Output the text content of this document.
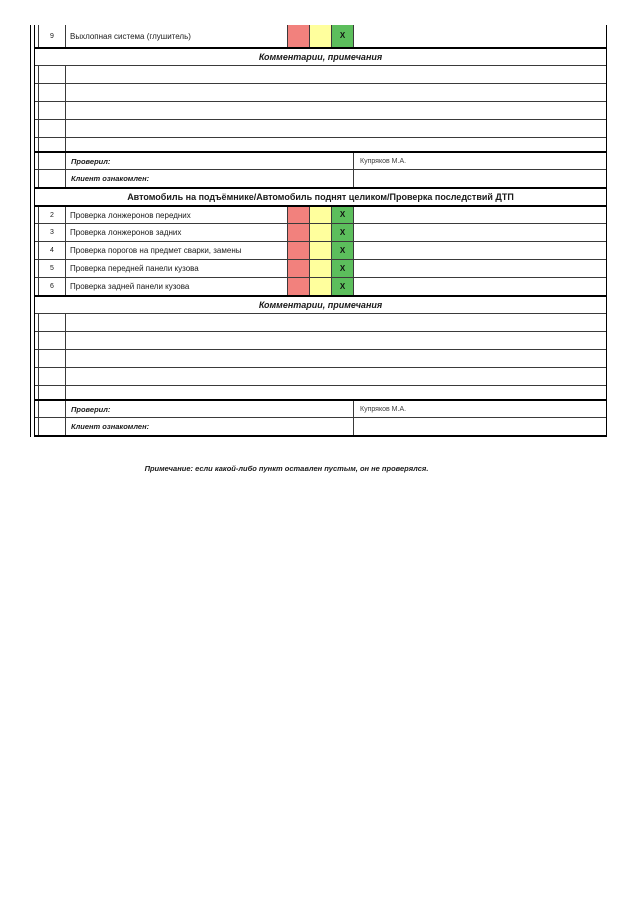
9	Выхлопная система (глушитель)	X
Комментарии, примечания
Проверил:	Купряков М.А.
Клиент ознакомлен:
Автомобиль на подъёмнике/Автомобиль поднят целиком/Проверка последствий ДТП
2	Проверка лонжеронов передних	X
3	Проверка лонжеронов задних	X
4	Проверка порогов на предмет сварки, замены	X
5	Проверка передней панели кузова	X
6	Проверка задней панели кузова	X
Комментарии, примечания
Проверил:	Купряков М.А.
Клиент ознакомлен:
Примечание: если какой-либо пункт оставлен пустым, он не проверялся.
